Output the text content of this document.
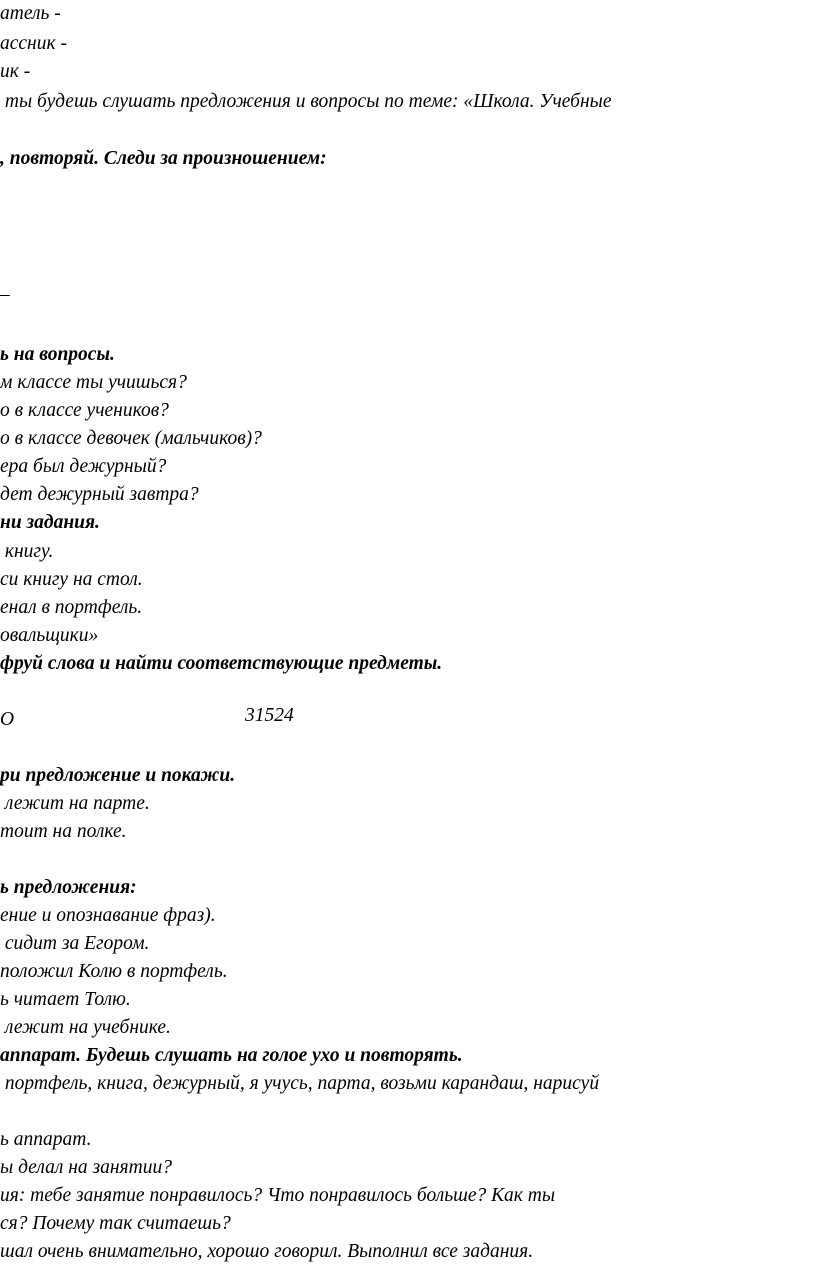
атель -
ассник -
ик -
ты будешь слушать предложения и вопросы по теме: «Школа. Учебные
, повторяй. Следи за произношением:
–
ь на вопросы.
м классе ты учишься?
о в классе учеников?
о в классе девочек (мальчиков)?
ера был дежурный?
дет дежурный завтра?
ни задания.
книгу.
си книгу на стол.
енал в портфель.
овальщики»
фруй слова и найти соответствующие предметы.

31524

O
ри предложение и покажи.
лежит на парте.
тоит на полке.
ь предложения:
ение и опознавание фраз).
сидит за Егором.
положил Колю в портфель.
ь читает Толю.
лежит на учебнике.
аппарат. Будешь слушать на голое ухо и повторять.
портфель, книга, дежурный, я учусь, парта, возьми карандаш, нарисуй
ь аппарат.
ы делал на занятии?
ия: тебе занятие понравилось? Что понравилось больше? Как ты
ся? Почему так считаешь?
шал очень внимательно, хорошо говорил. Выполнил все задания.
